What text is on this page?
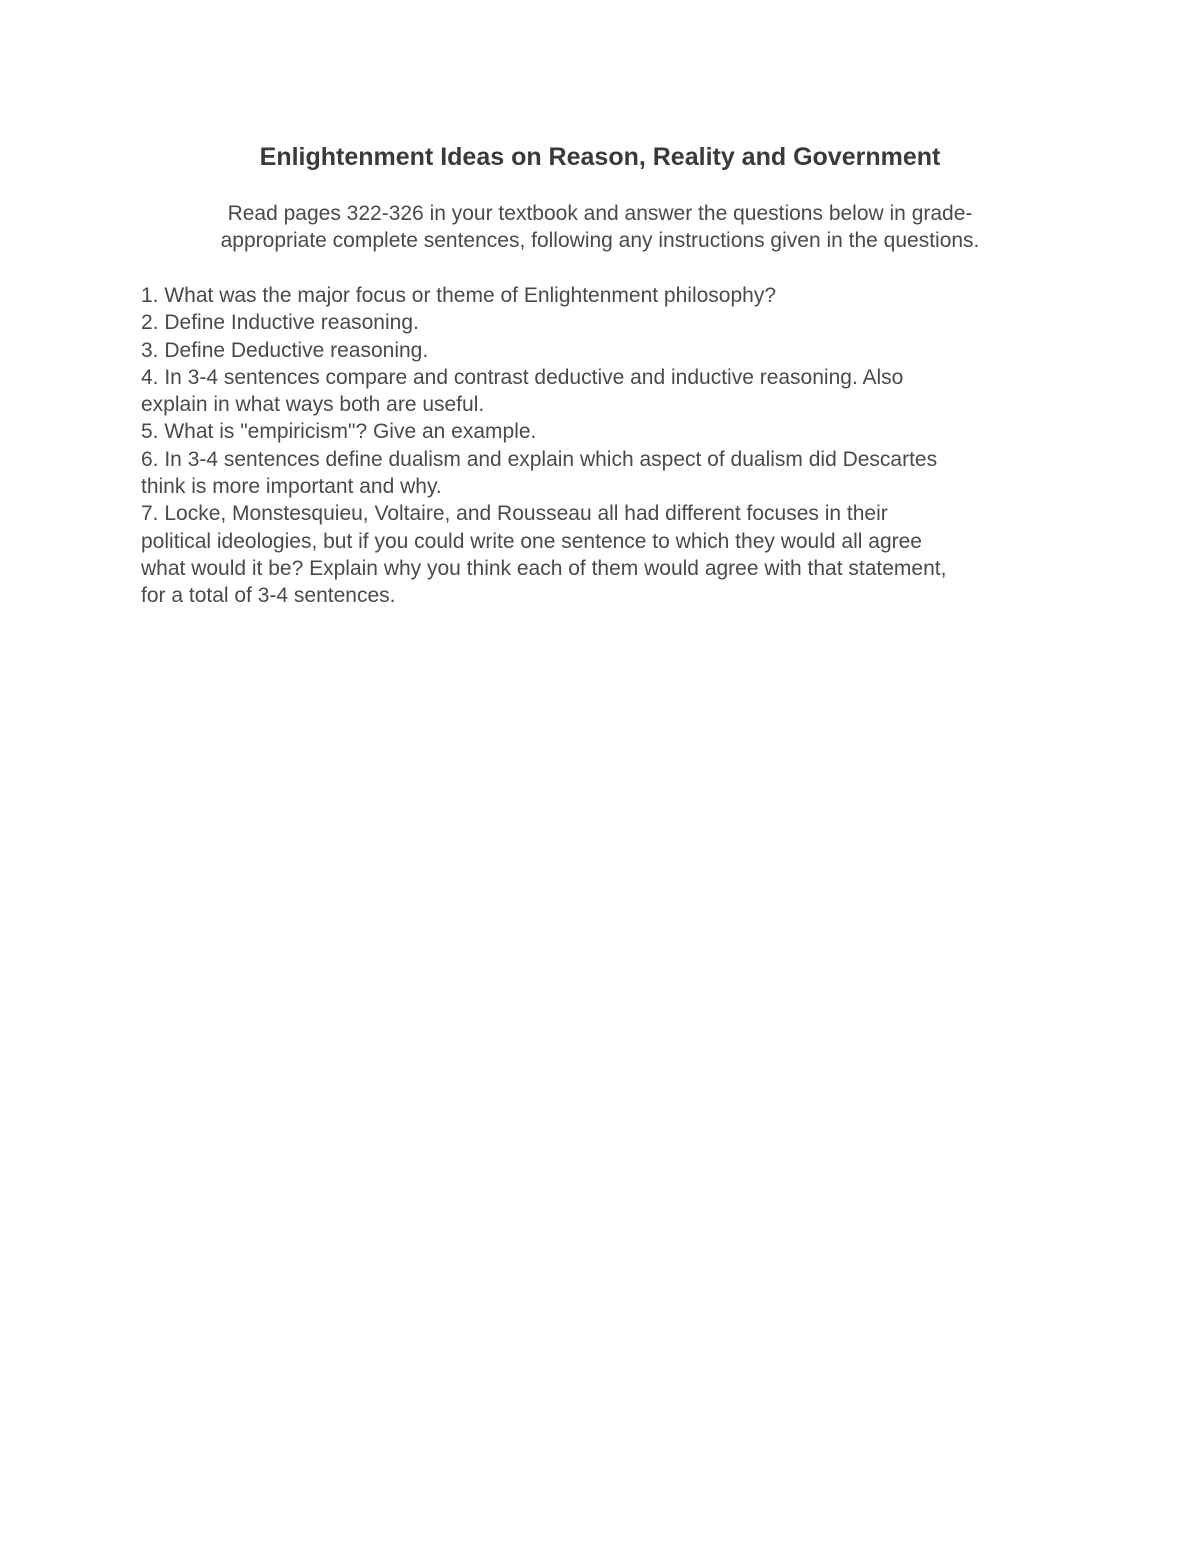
Enlightenment Ideas on Reason, Reality and Government

Read pages 322-326 in your textbook and answer the questions below in grade-
appropriate complete sentences, following any instructions given in the questions.

1. What was the major focus or theme of Enlightenment philosophy?
2. Define Inductive reasoning.
3. Define Deductive reasoning.
4. In 3-4 sentences compare and contrast deductive and inductive reasoning. Also
explain in what ways both are useful.
5. What is "empiricism"? Give an example.
6. In 3-4 sentences define dualism and explain which aspect of dualism did Descartes
think is more important and why.
7. Locke, Monstesquieu, Voltaire, and Rousseau all had different focuses in their
political ideologies, but if you could write one sentence to which they would all agree
what would it be? Explain why you think each of them would agree with that statement,
for a total of 3-4 sentences.
